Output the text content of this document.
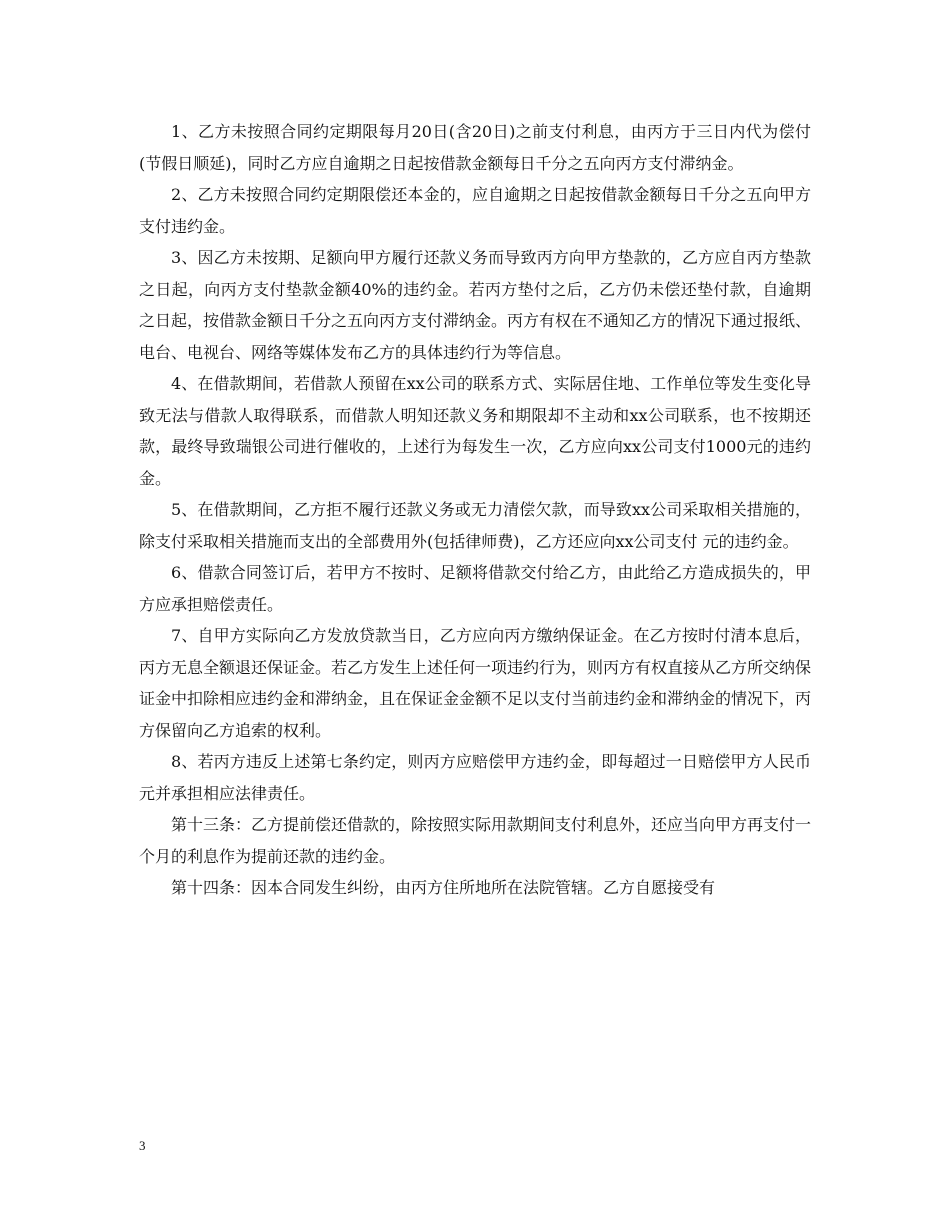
1、乙方未按照合同约定期限每月20日(含20日)之前支付利息，由丙方于三日内代为偿付(节假日顺延)，同时乙方应自逾期之日起按借款金额每日千分之五向丙方支付滞纳金。

2、乙方未按照合同约定期限偿还本金的，应自逾期之日起按借款金额每日千分之五向甲方支付违约金。

3、因乙方未按期、足额向甲方履行还款义务而导致丙方向甲方垫款的，乙方应自丙方垫款之日起，向丙方支付垫款金额40%的违约金。若丙方垫付之后，乙方仍未偿还垫付款，自逾期之日起，按借款金额日千分之五向丙方支付滞纳金。丙方有权在不通知乙方的情况下通过报纸、电台、电视台、网络等媒体发布乙方的具体违约行为等信息。

4、在借款期间，若借款人预留在xx公司的联系方式、实际居住地、工作单位等发生变化导致无法与借款人取得联系，而借款人明知还款义务和期限却不主动和xx公司联系，也不按期还款，最终导致瑞银公司进行催收的，上述行为每发生一次，乙方应向xx公司支付1000元的违约金。

5、在借款期间，乙方拒不履行还款义务或无力清偿欠款，而导致xx公司采取相关措施的，除支付采取相关措施而支出的全部费用外(包括律师费)，乙方还应向xx公司支付 元的违约金。

6、借款合同签订后，若甲方不按时、足额将借款交付给乙方，由此给乙方造成损失的，甲方应承担赔偿责任。

7、自甲方实际向乙方发放贷款当日，乙方应向丙方缴纳保证金。在乙方按时付清本息后，丙方无息全额退还保证金。若乙方发生上述任何一项违约行为，则丙方有权直接从乙方所交纳保证金中扣除相应违约金和滞纳金，且在保证金金额不足以支付当前违约金和滞纳金的情况下，丙方保留向乙方追索的权利。

8、若丙方违反上述第七条约定，则丙方应赔偿甲方违约金，即每超过一日赔偿甲方人民币 元并承担相应法律责任。

第十三条：乙方提前偿还借款的，除按照实际用款期间支付利息外，还应当向甲方再支付一个月的利息作为提前还款的违约金。

第十四条：因本合同发生纠纷，由丙方住所地所在法院管辖。乙方自愿接受有

3
